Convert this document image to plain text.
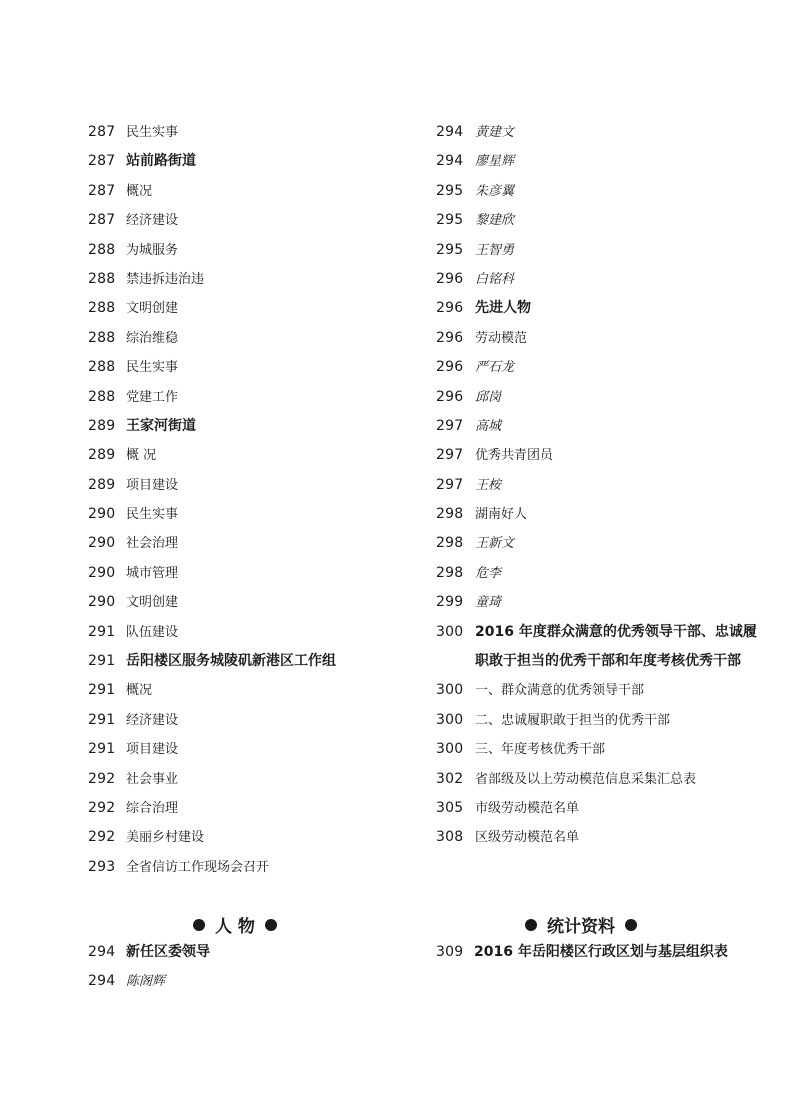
287 民生实事
287 站前路街道
287 概况
287 经济建设
288 为城服务
288 禁违拆违治违
288 文明创建
288 综治维稳
288 民生实事
288 党建工作
289 王家河街道
289 概 况
289 项目建设
290 民生实事
290 社会治理
290 城市管理
290 文明创建
291 队伍建设
291 岳阳楼区服务城陵矶新港区工作组
291 概况
291 经济建设
291 项目建设
292 社会事业
292 综合治理
292 美丽乡村建设
293 全省信访工作现场会召开
294 黄建文
294 廖星辉
295 朱彦翼
295 黎建欣
295 王智勇
296 白铭科
296 先进人物
296 劳动模范
296 严石龙
296 邱岗
297 高城
297 优秀共青团员
297 王桉
298 湖南好人
298 王新文
298 危李
299 童琦
300 2016 年度群众满意的优秀领导干部、忠诚履职敢于担当的优秀干部和年度考核优秀干部
300 一、群众满意的优秀领导干部
300 二、忠诚履职敢于担当的优秀干部
300 三、年度考核优秀干部
302 省部级及以上劳动模范信息采集汇总表
305 市级劳动模范名单
308 区级劳动模范名单
人 物	统计资料
294 新任区委领导
294 陈阁辉
309 2016 年岳阳楼区行政区划与基层组织表
